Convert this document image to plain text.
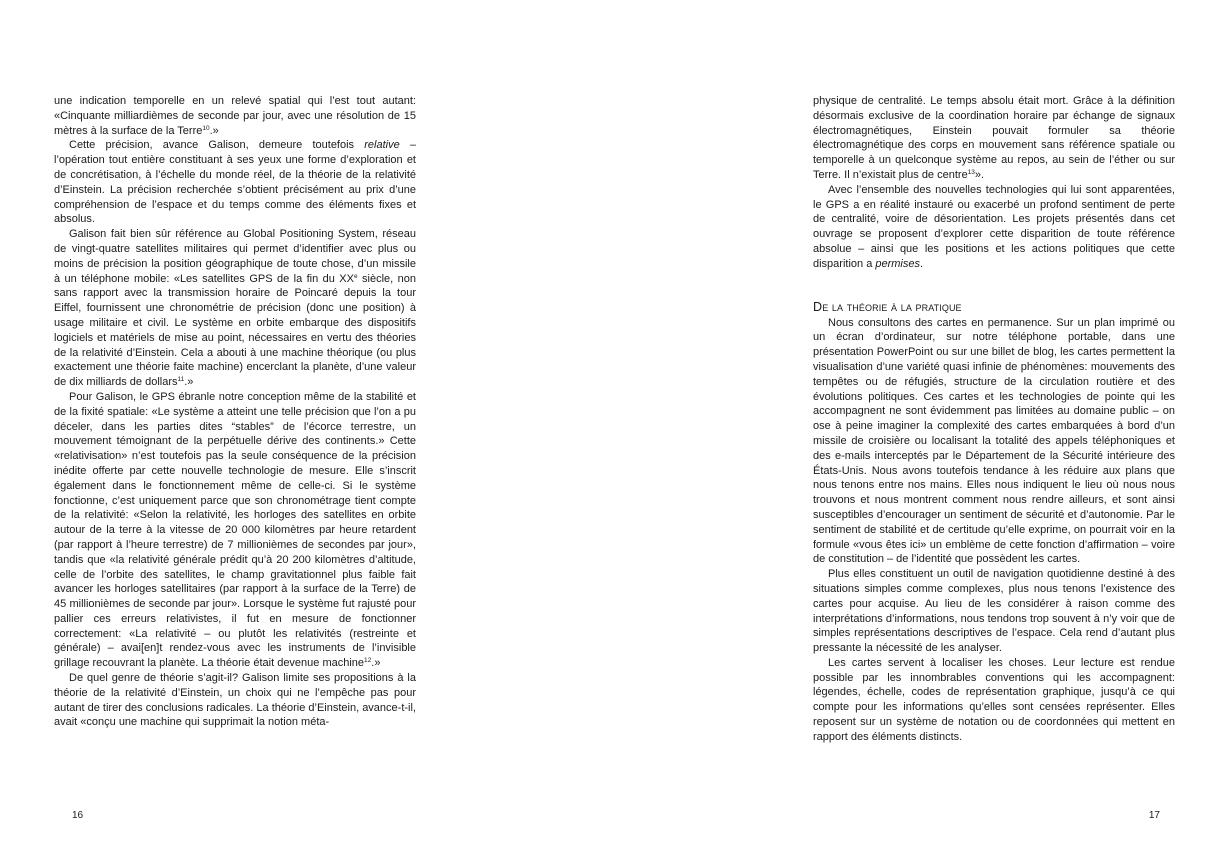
une indication temporelle en un relevé spatial qui l’est tout autant: «Cinquante milliardièmes de seconde par jour, avec une résolution de 15 mètres à la surface de la Terre$^{10}$.»

Cette précision, avance Galison, demeure toutefois relative – l’opération tout entière constituant à ses yeux une forme d’exploration et de concrétisation, à l’échelle du monde réel, de la théorie de la relativité d’Einstein. La précision recherchée s’obtient précisément au prix d’une compréhension de l’espace et du temps comme des éléments fixes et absolus.

Galison fait bien sûr référence au Global Positioning System, réseau de vingt-quatre satellites militaires qui permet d’identifier avec plus ou moins de précision la position géographique de toute chose, d’un missile à un téléphone mobile: «Les satellites GPS de la fin du XXe siècle, non sans rapport avec la transmission horaire de Poincaré depuis la tour Eiffel, fournissent une chronométrie de précision (donc une position) à usage militaire et civil. Le système en orbite embarque des dispositifs logiciels et matériels de mise au point, nécessaires en vertu des théories de la relativité d’Einstein. Cela a abouti à une machine théorique (ou plus exactement une théorie faite machine) encerclant la planète, d’une valeur de dix milliards de dollars$^{11}$.»

Pour Galison, le GPS ébranle notre conception même de la stabilité et de la fixité spatiale: «Le système a atteint une telle précision que l’on a pu déceler, dans les parties dites “stables” de l’écorce terrestre, un mouvement témoignant de la perpétuelle dérive des continents.» Cette «relativisation» n’est toutefois pas la seule conséquence de la précision inédite offerte par cette nouvelle technologie de mesure. Elle s’inscrit également dans le fonctionnement même de celle-ci. Si le système fonctionne, c’est uniquement parce que son chronométrage tient compte de la relativité: «Selon la relativité, les horloges des satellites en orbite autour de la terre à la vitesse de 20 000 kilomètres par heure retardent (par rapport à l’heure terrestre) de 7 millionièmes de secondes par jour», tandis que «la relativité générale prédit qu’à 20 200 kilomètres d’altitude, celle de l’orbite des satellites, le champ gravitationnel plus faible fait avancer les horloges satellitaires (par rapport à la surface de la Terre) de 45 millionièmes de seconde par jour». Lorsque le système fut rajusté pour pallier ces erreurs relativistes, il fut en mesure de fonctionner correctement: «La relativité – ou plutôt les relativités (restreinte et générale) – avai[en]t rendez-vous avec les instruments de l’invisible grillage recouvrant la planète. La théorie était devenue machine$^{12}$.»

De quel genre de théorie s’agit-il? Galison limite ses propositions à la théorie de la relativité d’Einstein, un choix qui ne l’empêche pas pour autant de tirer des conclusions radicales. La théorie d’Einstein, avance-t-il, avait «conçu une machine qui supprimait la notion méta-

16

physique de centralité. Le temps absolu était mort. Grâce à la définition désormais exclusive de la coordination horaire par échange de signaux électromagnétiques, Einstein pouvait formuler sa théorie électromagnétique des corps en mouvement sans référence spatiale ou temporelle à un quelconque système au repos, au sein de l’éther ou sur Terre. Il n’existait plus de centre$^{13}$».

Avec l’ensemble des nouvelles technologies qui lui sont apparentées, le GPS a en réalité instauré ou exacerbé un profond sentiment de perte de centralité, voire de désorientation. Les projets présentés dans cet ouvrage se proposent d’explorer cette disparition de toute référence absolue – ainsi que les positions et les actions politiques que cette disparition a permises.

De la théorie à la pratique

Nous consultons des cartes en permanence. Sur un plan imprimé ou un écran d’ordinateur, sur notre téléphone portable, dans une présentation PowerPoint ou sur une billet de blog, les cartes permettent la visualisation d’une variété quasi infinie de phénomènes: mouvements des tempêtes ou de réfugiés, structure de la circulation routière et des évolutions politiques. Ces cartes et les technologies de pointe qui les accompagnent ne sont évidemment pas limitées au domaine public – on ose à peine imaginer la complexité des cartes embarquées à bord d’un missile de croisière ou localisant la totalité des appels téléphoniques et des e-mails interceptés par le Département de la Sécurité intérieure des États-Unis. Nous avons toutefois tendance à les réduire aux plans que nous tenons entre nos mains. Elles nous indiquent le lieu où nous nous trouvons et nous montrent comment nous rendre ailleurs, et sont ainsi susceptibles d’encourager un sentiment de sécurité et d’autonomie. Par le sentiment de stabilité et de certitude qu’elle exprime, on pourrait voir en la formule «vous êtes ici» un emblème de cette fonction d’affirmation – voire de constitution – de l’identité que possèdent les cartes.

Plus elles constituent un outil de navigation quotidienne destiné à des situations simples comme complexes, plus nous tenons l’existence des cartes pour acquise. Au lieu de les considérer à raison comme des interprétations d’informations, nous tendons trop souvent à n’y voir que de simples représentations descriptives de l’espace. Cela rend d’autant plus pressante la nécessité de les analyser.

Les cartes servent à localiser les choses. Leur lecture est rendue possible par les innombrables conventions qui les accompagnent: légendes, échelle, codes de représentation graphique, jusqu’à ce qui compte pour les informations qu’elles sont censées représenter. Elles reposent sur un système de notation ou de coordonnées qui mettent en rapport des éléments distincts.

17
